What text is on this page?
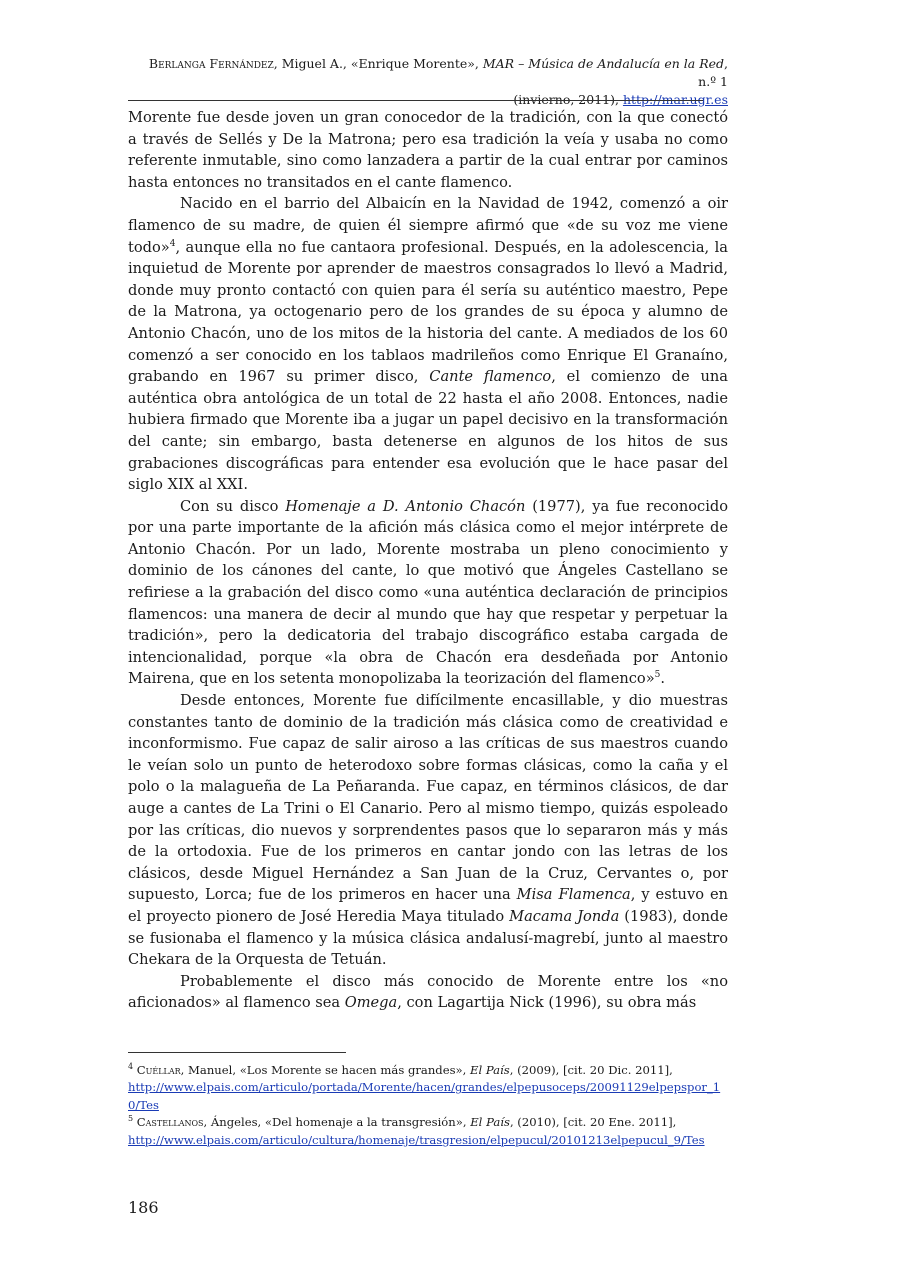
Berlanga Fernández, Miguel A., «Enrique Morente», MAR – Música de Andalucía en la Red, n.º 1
(invierno, 2011), http://mar.ugr.es

Morente fue desde joven un gran conocedor de la tradición, con la que conectó a través de Sellés y De la Matrona; pero esa tradición la veía y usaba no como referente inmutable, sino como lanzadera a partir de la cual entrar por caminos hasta entonces no transitados en el cante flamenco.

Nacido en el barrio del Albaicín en la Navidad de 1942, comenzó a oir flamenco de su madre, de quien él siempre afirmó que «de su voz me viene todo»$^4$, aunque ella no fue cantaora profesional. Después, en la adolescencia, la inquietud de Morente por aprender de maestros consagrados lo llevó a Madrid, donde muy pronto contactó con quien para él sería su auténtico maestro, Pepe de la Matrona, ya octogenario pero de los grandes de su época y alumno de Antonio Chacón, uno de los mitos de la historia del cante. A mediados de los 60 comenzó a ser conocido en los tablaos madrileños como Enrique El Granaíno, grabando en 1967 su primer disco, Cante flamenco, el comienzo de una auténtica obra antológica de un total de 22 hasta el año 2008. Entonces, nadie hubiera firmado que Morente iba a jugar un papel decisivo en la transformación del cante; sin embargo, basta detenerse en algunos de los hitos de sus grabaciones discográficas para entender esa evolución que le hace pasar del siglo XIX al XXI.

Con su disco Homenaje a D. Antonio Chacón (1977), ya fue reconocido por una parte importante de la afición más clásica como el mejor intérprete de Antonio Chacón. Por un lado, Morente mostraba un pleno conocimiento y dominio de los cánones del cante, lo que motivó que Ángeles Castellano se refiriese a la grabación del disco como «una auténtica declaración de principios flamencos: una manera de decir al mundo que hay que respetar y perpetuar la tradición», pero la dedicatoria del trabajo discográfico estaba cargada de intencionalidad, porque «la obra de Chacón era desdeñada por Antonio Mairena, que en los setenta monopolizaba la teorización del flamenco»$^5$.

Desde entonces, Morente fue difícilmente encasillable, y dio muestras constantes tanto de dominio de la tradición más clásica como de creatividad e inconformismo. Fue capaz de salir airoso a las críticas de sus maestros cuando le veían solo un punto de heterodoxo sobre formas clásicas, como la caña y el polo o la malagueña de La Peñaranda. Fue capaz, en términos clásicos, de dar auge a cantes de La Trini o El Canario. Pero al mismo tiempo, quizás espoleado por las críticas, dio nuevos y sorprendentes pasos que lo separaron más y más de la ortodoxia. Fue de los primeros en cantar jondo con las letras de los clásicos, desde Miguel Hernández a San Juan de la Cruz, Cervantes o, por supuesto, Lorca; fue de los primeros en hacer una Misa Flamenca, y estuvo en el proyecto pionero de José Heredia Maya titulado Macama Jonda (1983), donde se fusionaba el flamenco y la música clásica andalusí-magrebí, junto al maestro Chekara de la Orquesta de Tetuán.

Probablemente el disco más conocido de Morente entre los «no aficionados» al flamenco sea Omega, con Lagartija Nick (1996), su obra más

$^4$ Cuéllar, Manuel, «Los Morente se hacen más grandes», El País, (2009), [cit. 20 Dic. 2011],
http://www.elpais.com/articulo/portada/Morente/hacen/grandes/elpepusoceps/20091129elpepspor_10/Tes

$^5$ Castellanos, Ángeles, «Del homenaje a la transgresión», El País, (2010), [cit. 20 Ene. 2011],
http://www.elpais.com/articulo/cultura/homenaje/trasgresion/elpepucul/20101213elpepucul_9/Tes

186
